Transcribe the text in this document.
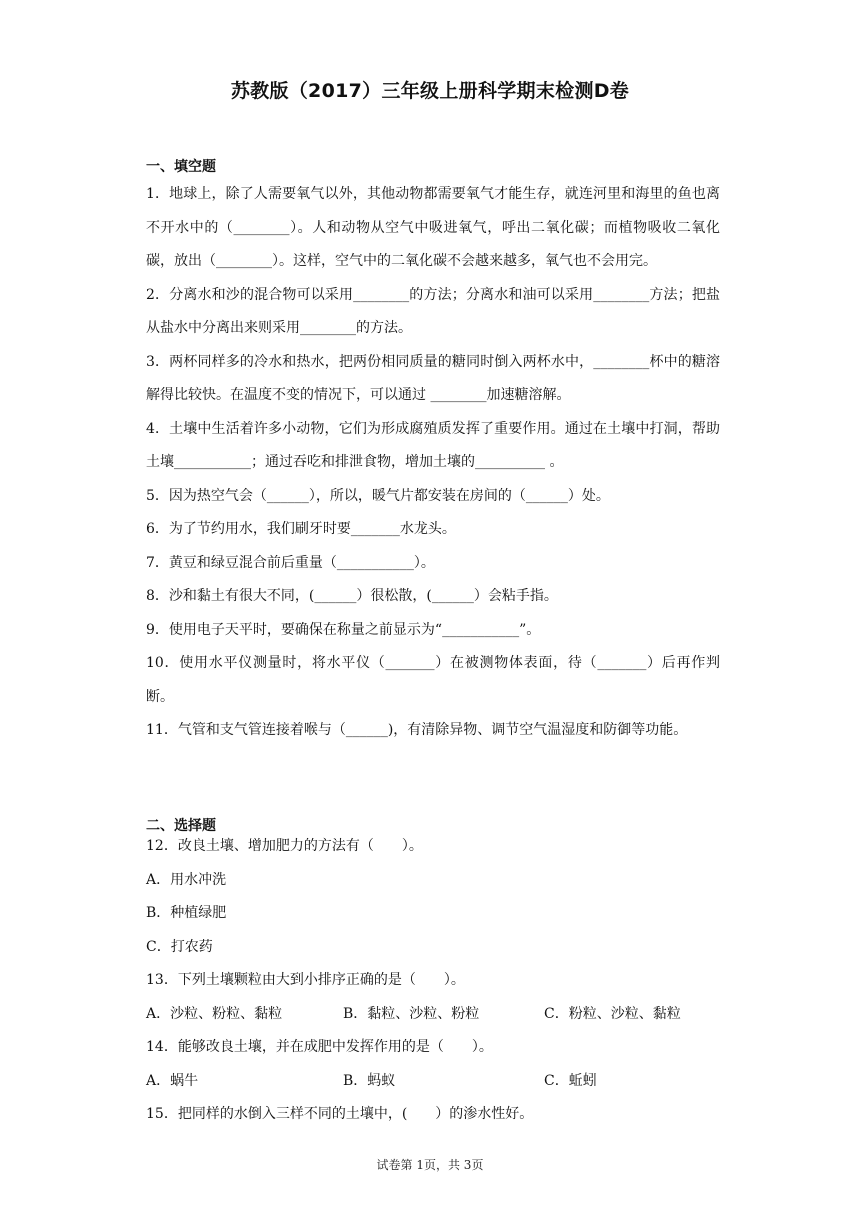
苏教版（2017）三年级上册科学期末检测D卷
一、填空题

1．地球上，除了人需要氧气以外，其他动物都需要氧气才能生存，就连河里和海里的鱼也离不开水中的（________）。人和动物从空气中吸进氧气，呼出二氧化碳；而植物吸收二氧化碳，放出（________）。这样，空气中的二氧化碳不会越来越多，氧气也不会用完。

2．分离水和沙的混合物可以采用________的方法；分离水和油可以采用________方法；把盐从盐水中分离出来则采用________的方法。

3．两杯同样多的冷水和热水，把两份相同质量的糖同时倒入两杯水中，________杯中的糖溶解得比较快。在温度不变的情况下，可以通过 ________加速糖溶解。

4．土壤中生活着许多小动物，它们为形成腐殖质发挥了重要作用。通过在土壤中打洞，帮助土壤___________；通过吞吃和排泄食物，增加土壤的__________ 。

5．因为热空气会（______），所以，暖气片都安装在房间的（______）处。

6．为了节约用水，我们刷牙时要_______水龙头。

7．黄豆和绿豆混合前后重量（___________）。

8．沙和黏土有很大不同，(______）很松散，(______）会粘手指。

9．使用电子天平时，要确保在称量之前显示为“___________”。

10．使用水平仪测量时，将水平仪（_______）在被测物体表面，待（_______）后再作判断。

11．气管和支气管连接着喉与（______)，有清除异物、调节空气温湿度和防御等功能。

二、选择题

12．改良土壤、增加肥力的方法有（　　）。

A．用水冲洗

B．种植绿肥

C．打农药

13．下列土壤颗粒由大到小排序正确的是（　　）。

A．沙粒、粉粒、黏粒	B．黏粒、沙粒、粉粒	C．粉粒、沙粒、黏粒

14．能够改良土壤，并在成肥中发挥作用的是（　　）。

A．蜗牛	B．蚂蚁	C．蚯蚓

15．把同样的水倒入三样不同的土壤中，(　　）的渗水性好。

试卷第 1页，共 3页
